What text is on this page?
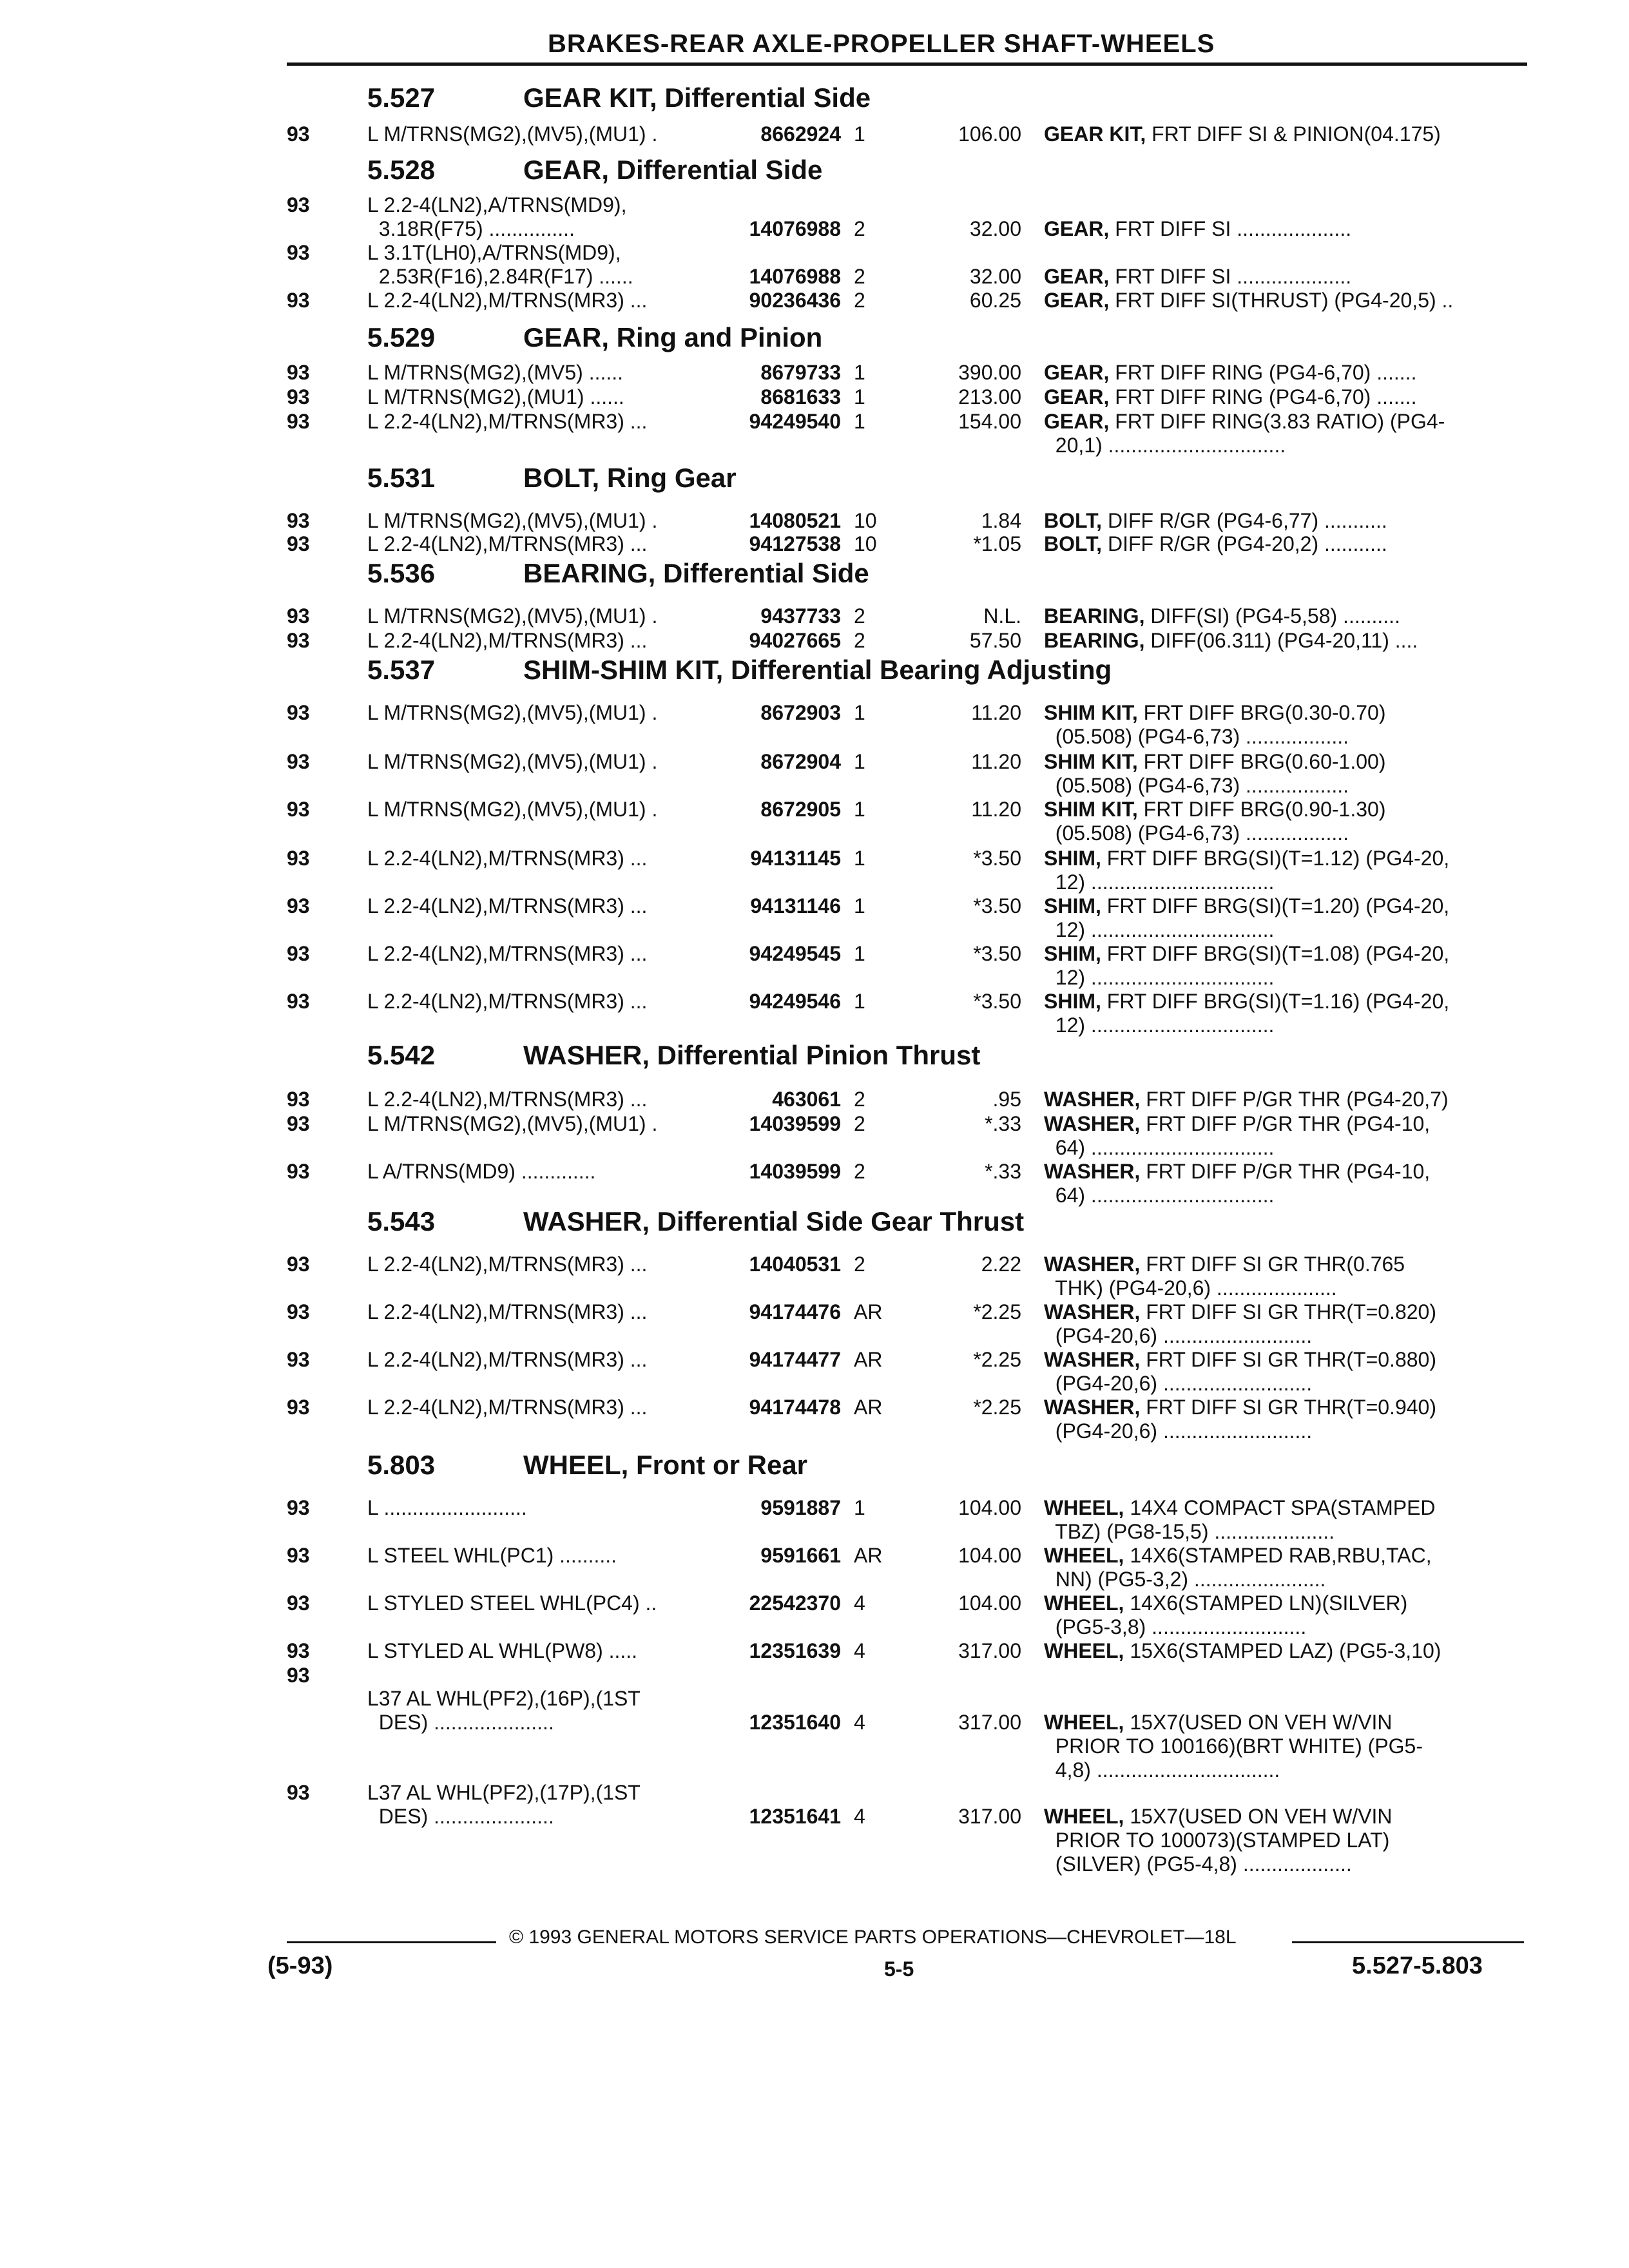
BRAKES-REAR AXLE-PROPELLER SHAFT-WHEELS
5.527	GEAR KIT, Differential Side
5.528	GEAR, Differential Side
5.529	GEAR, Ring and Pinion
5.531	BOLT, Ring Gear
5.536	BEARING, Differential Side
5.537	SHIM-SHIM KIT, Differential Bearing Adjusting
5.542	WASHER, Differential Pinion Thrust
5.543	WASHER, Differential Side Gear Thrust
5.803	WHEEL, Front or Rear
93	L M/TRNS(MG2),(MV5),(MU1) .	8662924 1	106.00 GEAR KIT, FRT DIFF SI & PINION(04.175)
93	L 2.2-4(LN2),A/TRNS(MD9),
3.18R(F75) ...............	14076988 2	32.00 GEAR, FRT DIFF SI ....................
93	L 3.1T(LH0),A/TRNS(MD9),
2.53R(F16),2.84R(F17) ......	14076988 2	32.00 GEAR, FRT DIFF SI ....................
93	L 2.2-4(LN2),M/TRNS(MR3) ...	90236436 2	60.25 GEAR, FRT DIFF SI(THRUST) (PG4-20,5) ..
93	L M/TRNS(MG2),(MV5) ......	8679733 1	390.00 GEAR, FRT DIFF RING (PG4-6,70) .......
93	L M/TRNS(MG2),(MU1) ......	8681633 1	213.00 GEAR, FRT DIFF RING (PG4-6,70) .......
93	L 2.2-4(LN2),M/TRNS(MR3) ...	94249540 1	154.00 GEAR, FRT DIFF RING(3.83 RATIO) (PG4-
20,1) ...............................
93	L M/TRNS(MG2),(MV5),(MU1) .	14080521 10	1.84 BOLT, DIFF R/GR (PG4-6,77) ...........
93	L 2.2-4(LN2),M/TRNS(MR3) ...	94127538 10	*1.05 BOLT, DIFF R/GR (PG4-20,2) ...........
93	L M/TRNS(MG2),(MV5),(MU1) .	9437733 2	N.L. BEARING, DIFF(SI) (PG4-5,58) ..........
93	L 2.2-4(LN2),M/TRNS(MR3) ...	94027665 2	57.50 BEARING, DIFF(06.311) (PG4-20,11) ....
93	L M/TRNS(MG2),(MV5),(MU1) .	8672903 1	11.20 SHIM KIT, FRT DIFF BRG(0.30-0.70)
(05.508) (PG4-6,73) ..................
93	L M/TRNS(MG2),(MV5),(MU1) .	8672904 1	11.20 SHIM KIT, FRT DIFF BRG(0.60-1.00)
(05.508) (PG4-6,73) ..................
93	L M/TRNS(MG2),(MV5),(MU1) .	8672905 1	11.20 SHIM KIT, FRT DIFF BRG(0.90-1.30)
(05.508) (PG4-6,73) ..................
93	L 2.2-4(LN2),M/TRNS(MR3) ...	94131145 1	*3.50 SHIM, FRT DIFF BRG(SI)(T=1.12) (PG4-20,
12) ................................
93	L 2.2-4(LN2),M/TRNS(MR3) ...	94131146 1	*3.50 SHIM, FRT DIFF BRG(SI)(T=1.20) (PG4-20,
12) ................................
93	L 2.2-4(LN2),M/TRNS(MR3) ...	94249545 1	*3.50 SHIM, FRT DIFF BRG(SI)(T=1.08) (PG4-20,
12) ................................
93	L 2.2-4(LN2),M/TRNS(MR3) ...	94249546 1	*3.50 SHIM, FRT DIFF BRG(SI)(T=1.16) (PG4-20,
12) ................................
93	L 2.2-4(LN2),M/TRNS(MR3) ...	463061 2	.95 WASHER, FRT DIFF P/GR THR (PG4-20,7)
93	L M/TRNS(MG2),(MV5),(MU1) .	14039599 2	*.33 WASHER, FRT DIFF P/GR THR (PG4-10,
64) ................................
93	L A/TRNS(MD9) .............	14039599 2	*.33 WASHER, FRT DIFF P/GR THR (PG4-10,
64) ................................
93	L 2.2-4(LN2),M/TRNS(MR3) ...	14040531 2	2.22 WASHER, FRT DIFF SI GR THR(0.765
THK) (PG4-20,6) .....................
93	L 2.2-4(LN2),M/TRNS(MR3) ...	94174476 AR	*2.25 WASHER, FRT DIFF SI GR THR(T=0.820)
(PG4-20,6) ..........................
93	L 2.2-4(LN2),M/TRNS(MR3) ...	94174477 AR	*2.25 WASHER, FRT DIFF SI GR THR(T=0.880)
(PG4-20,6) ..........................
93	L 2.2-4(LN2),M/TRNS(MR3) ...	94174478 AR	*2.25 WASHER, FRT DIFF SI GR THR(T=0.940)
(PG4-20,6) ..........................
93	L .........................	9591887 1	104.00 WHEEL, 14X4 COMPACT SPA(STAMPED
TBZ) (PG8-15,5) .....................
93	L STEEL WHL(PC1) ..........	9591661 AR	104.00 WHEEL, 14X6(STAMPED RAB,RBU,TAC,
NN) (PG5-3,2) .......................
93	L STYLED STEEL WHL(PC4) ..	22542370 4	104.00 WHEEL, 14X6(STAMPED LN)(SILVER)
(PG5-3,8) ...........................
93	L STYLED AL WHL(PW8) .....	12351639 4	317.00 WHEEL, 15X6(STAMPED LAZ) (PG5-3,10)
93
L37 AL WHL(PF2),(16P),(1ST
DES) .....................	12351640 4	317.00 WHEEL, 15X7(USED ON VEH W/VIN
PRIOR TO 100166)(BRT WHITE) (PG5-
4,8) ................................
93	L37 AL WHL(PF2),(17P),(1ST
DES) .....................	12351641 4	317.00 WHEEL, 15X7(USED ON VEH W/VIN
PRIOR TO 100073)(STAMPED LAT)
(SILVER) (PG5-4,8) ...................
© 1993 GENERAL MOTORS SERVICE PARTS OPERATIONS—CHEVROLET—18L
(5-93)	5-5	5.527-5.803
